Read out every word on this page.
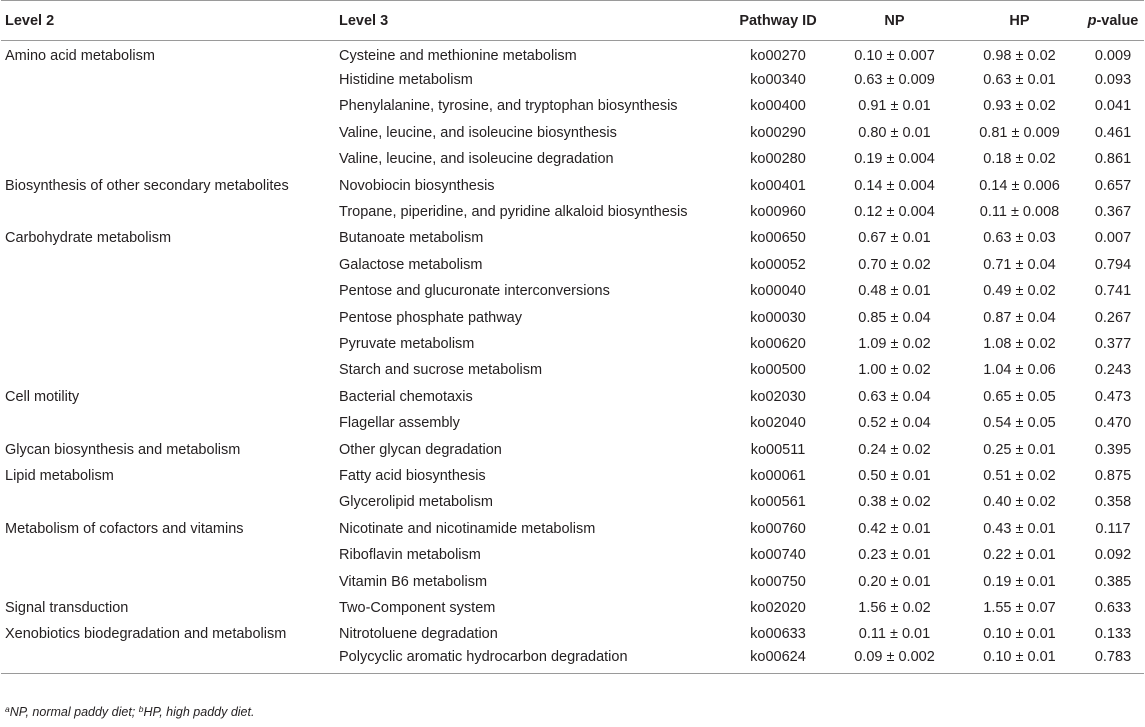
Level 2	Level 3	Pathway ID	NP	HP	p-value
Amino acid metabolism	Cysteine and methionine metabolism	ko00270	0.10 ± 0.007	0.98 ± 0.02	0.009
	Histidine metabolism	ko00340	0.63 ± 0.009	0.63 ± 0.01	0.093
	Phenylalanine, tyrosine, and tryptophan biosynthesis	ko00400	0.91 ± 0.01	0.93 ± 0.02	0.041
	Valine, leucine, and isoleucine biosynthesis	ko00290	0.80 ± 0.01	0.81 ± 0.009	0.461
	Valine, leucine, and isoleucine degradation	ko00280	0.19 ± 0.004	0.18 ± 0.02	0.861
Biosynthesis of other secondary metabolites	Novobiocin biosynthesis	ko00401	0.14 ± 0.004	0.14 ± 0.006	0.657
	Tropane, piperidine, and pyridine alkaloid biosynthesis	ko00960	0.12 ± 0.004	0.11 ± 0.008	0.367
Carbohydrate metabolism	Butanoate metabolism	ko00650	0.67 ± 0.01	0.63 ± 0.03	0.007
	Galactose metabolism	ko00052	0.70 ± 0.02	0.71 ± 0.04	0.794
	Pentose and glucuronate interconversions	ko00040	0.48 ± 0.01	0.49 ± 0.02	0.741
	Pentose phosphate pathway	ko00030	0.85 ± 0.04	0.87 ± 0.04	0.267
	Pyruvate metabolism	ko00620	1.09 ± 0.02	1.08 ± 0.02	0.377
	Starch and sucrose metabolism	ko00500	1.00 ± 0.02	1.04 ± 0.06	0.243
Cell motility	Bacterial chemotaxis	ko02030	0.63 ± 0.04	0.65 ± 0.05	0.473
	Flagellar assembly	ko02040	0.52 ± 0.04	0.54 ± 0.05	0.470
Glycan biosynthesis and metabolism	Other glycan degradation	ko00511	0.24 ± 0.02	0.25 ± 0.01	0.395
Lipid metabolism	Fatty acid biosynthesis	ko00061	0.50 ± 0.01	0.51 ± 0.02	0.875
	Glycerolipid metabolism	ko00561	0.38 ± 0.02	0.40 ± 0.02	0.358
Metabolism of cofactors and vitamins	Nicotinate and nicotinamide metabolism	ko00760	0.42 ± 0.01	0.43 ± 0.01	0.117
	Riboflavin metabolism	ko00740	0.23 ± 0.01	0.22 ± 0.01	0.092
	Vitamin B6 metabolism	ko00750	0.20 ± 0.01	0.19 ± 0.01	0.385
Signal transduction	Two-Component system	ko02020	1.56 ± 0.02	1.55 ± 0.07	0.633
Xenobiotics biodegradation and metabolism	Nitrotoluene degradation	ko00633	0.11 ± 0.01	0.10 ± 0.01	0.133
	Polycyclic aromatic hydrocarbon degradation	ko00624	0.09 ± 0.002	0.10 ± 0.01	0.783
$^a$NP, normal paddy diet; $^b$HP, high paddy diet.
